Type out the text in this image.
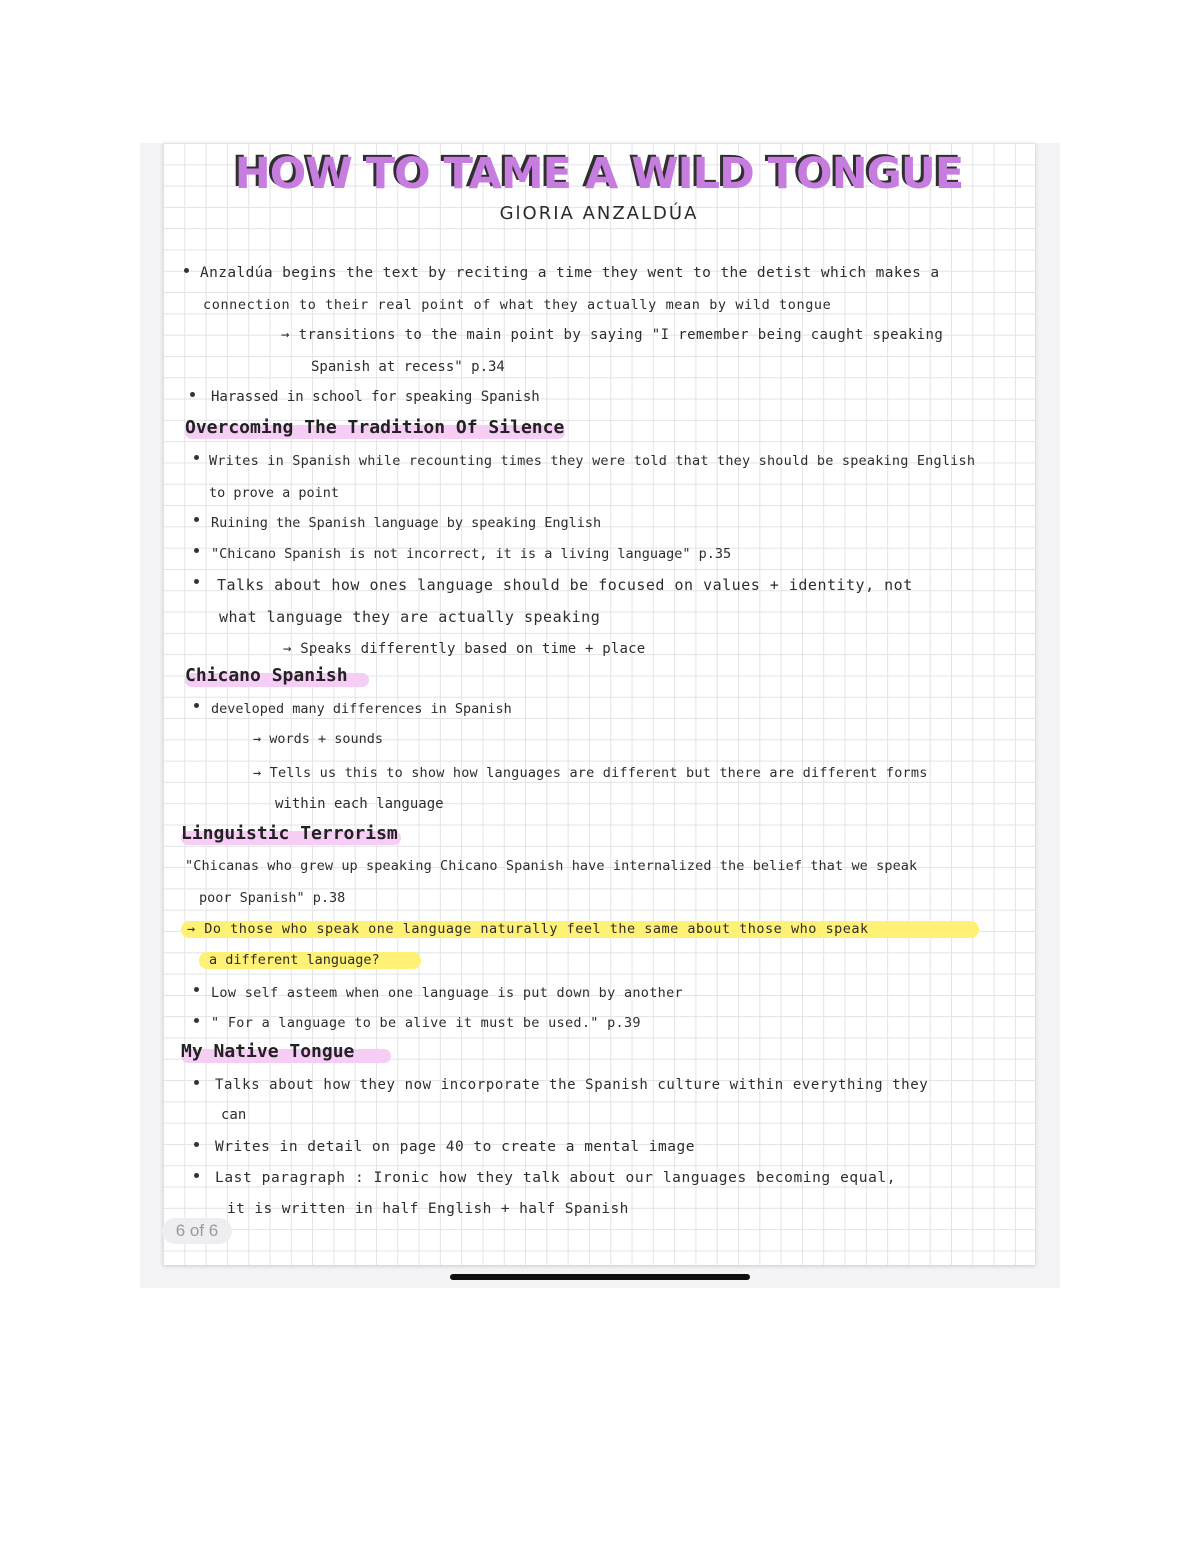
HOW TO TAME A WILD TONGUE
GlORIA ANZALDÚA
Anzaldúa begins the text by reciting a time they went to the detist which makes a
connection to their real point of what they actually mean by wild tongue
→ transitions to the main point by saying "I remember being caught speaking
Spanish at recess" p.34
Harassed in school for speaking Spanish
Overcoming The Tradition Of Silence
Writes in Spanish while recounting times they were told that they should be speaking English
to prove a point
Ruining the Spanish language by speaking English
"Chicano Spanish is not incorrect, it is a living language" p.35
Talks about how ones language should be focused on values + identity, not
what language they are actually speaking
→ Speaks differently based on time + place
Chicano Spanish
developed many differences in Spanish
→ words + sounds
→ Tells us this to show how languages are different but there are different forms
within each language
Linguistic Terrorism
"Chicanas who grew up speaking Chicano Spanish have internalized the belief that we speak
poor Spanish" p.38
→ Do those who speak one language naturally feel the same about those who speak
a different language?
Low self asteem when one language is put down by another
" For a language to be alive it must be used." p.39
My Native Tongue
Talks about how they now incorporate the Spanish culture within everything they
can
Writes in detail on page 40 to create a mental image
Last paragraph : Ironic how they talk about our languages becoming equal,
it is written in half English + half Spanish
6 of 6
